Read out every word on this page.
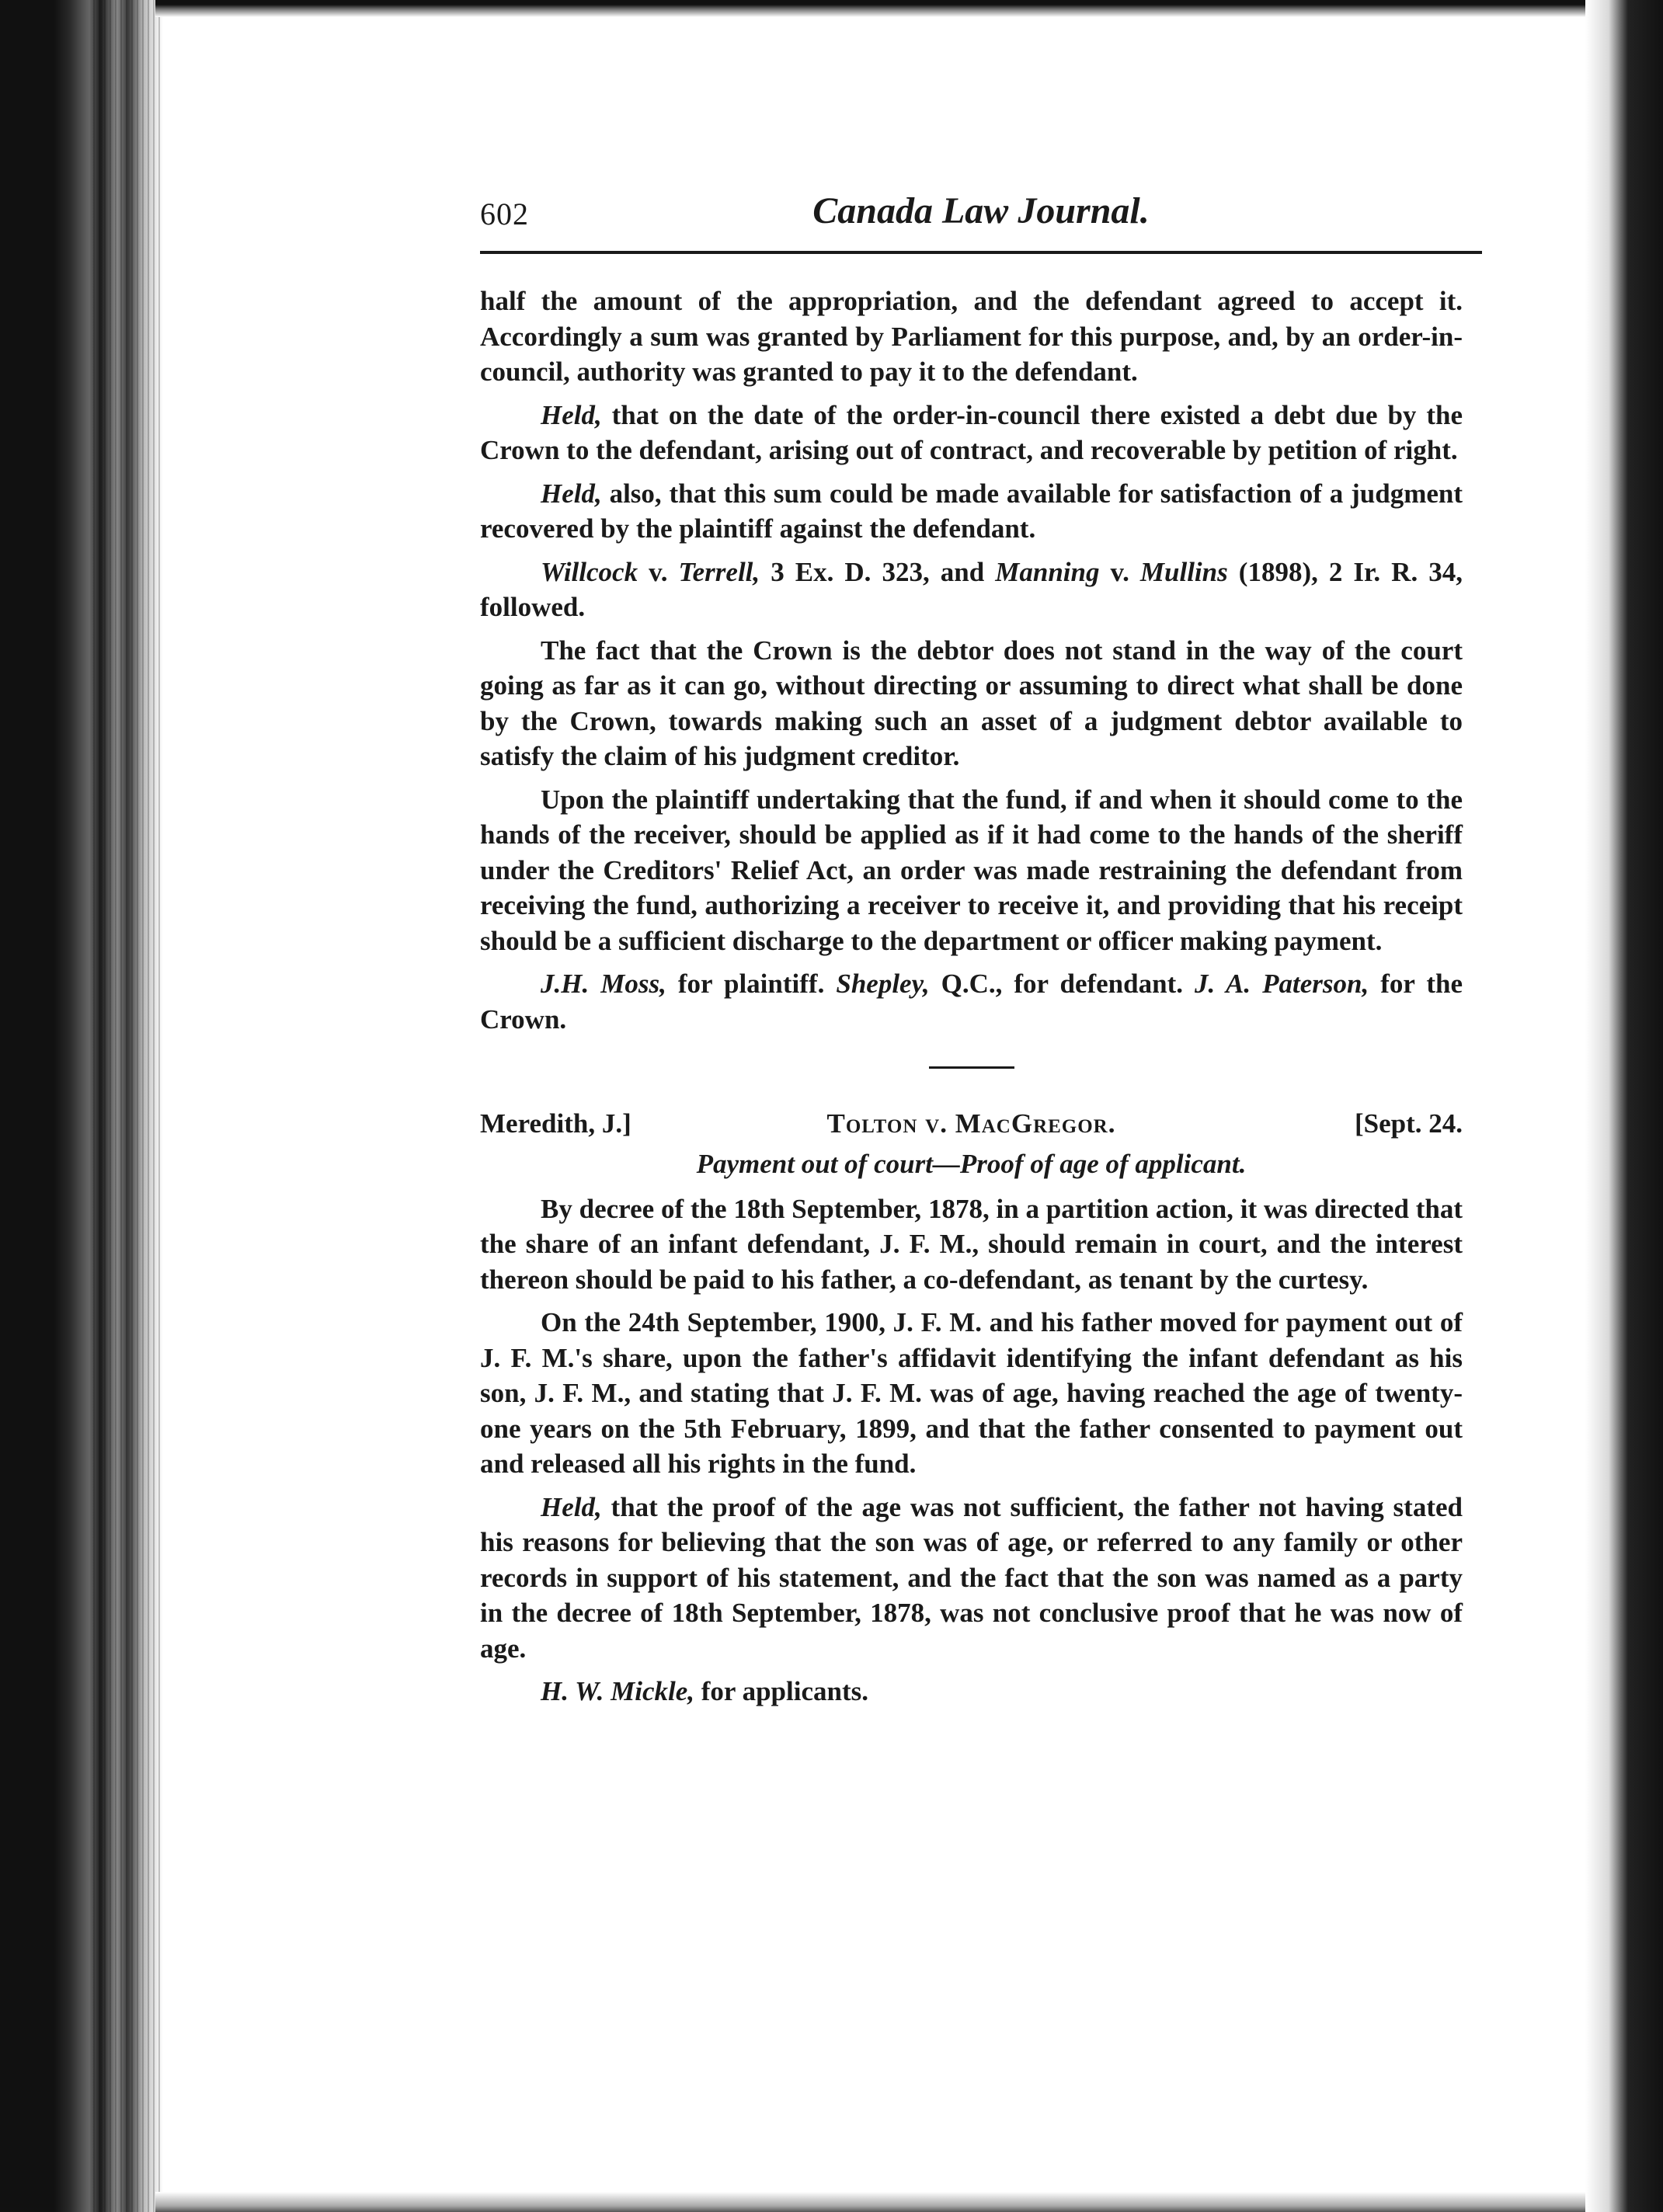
602	Canada Law Journal.

half the amount of the appropriation, and the defendant agreed to accept it. Accordingly a sum was granted by Parliament for this purpose, and, by an order-in-council, authority was granted to pay it to the defendant.

Held, that on the date of the order-in-council there existed a debt due by the Crown to the defendant, arising out of contract, and recoverable by petition of right.

Held, also, that this sum could be made available for satisfaction of a judgment recovered by the plaintiff against the defendant.

Willcock v. Terrell, 3 Ex. D. 323, and Manning v. Mullins (1898), 2 Ir. R. 34, followed.

The fact that the Crown is the debtor does not stand in the way of the court going as far as it can go, without directing or assuming to direct what shall be done by the Crown, towards making such an asset of a judgment debtor available to satisfy the claim of his judgment creditor.

Upon the plaintiff undertaking that the fund, if and when it should come to the hands of the receiver, should be applied as if it had come to the hands of the sheriff under the Creditors' Relief Act, an order was made restraining the defendant from receiving the fund, authorizing a receiver to receive it, and providing that his receipt should be a sufficient discharge to the department or officer making payment.

J.H. Moss, for plaintiff. Shepley, Q.C., for defendant. J. A. Paterson, for the Crown.

Meredith, J.]	Tolton v. MacGregor.	[Sept. 24.
Payment out of court—Proof of age of applicant.

By decree of the 18th September, 1878, in a partition action, it was directed that the share of an infant defendant, J. F. M., should remain in court, and the interest thereon should be paid to his father, a co-defendant, as tenant by the curtesy.

On the 24th September, 1900, J. F. M. and his father moved for payment out of J. F. M.'s share, upon the father's affidavit identifying the infant defendant as his son, J. F. M., and stating that J. F. M. was of age, having reached the age of twenty-one years on the 5th February, 1899, and that the father consented to payment out and released all his rights in the fund.

Held, that the proof of the age was not sufficient, the father not having stated his reasons for believing that the son was of age, or referred to any family or other records in support of his statement, and the fact that the son was named as a party in the decree of 18th September, 1878, was not conclusive proof that he was now of age.

H. W. Mickle, for applicants.
